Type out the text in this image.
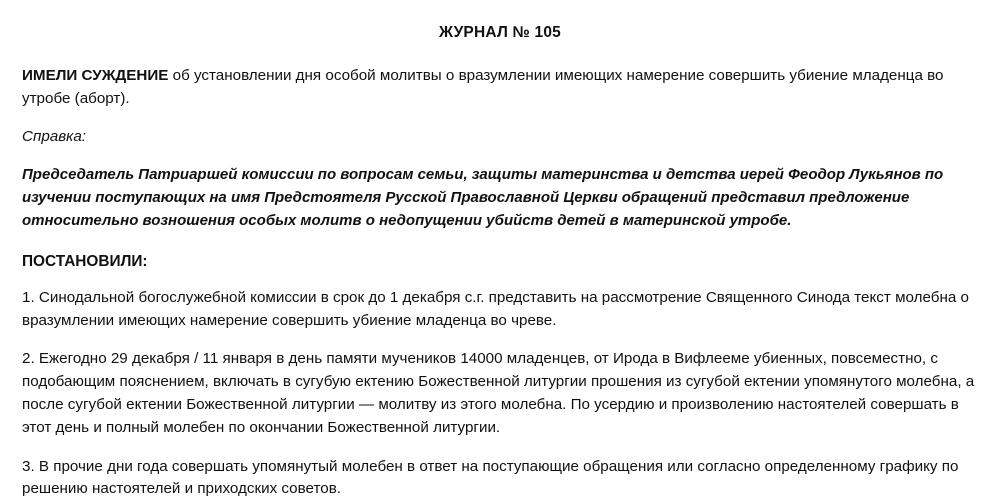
ЖУРНАЛ № 105

ИМЕЛИ СУЖДЕНИЕ об установлении дня особой молитвы о вразумлении имеющих намерение совершить убиение младенца во утробе (аборт).

Справка:

Председатель Патриаршей комиссии по вопросам семьи, защиты материнства и детства иерей Феодор Лукьянов по изучении поступающих на имя Предстоятеля Русской Православной Церкви обращений представил предложение относительно возношения особых молитв о недопущении убийств детей в материнской утробе.

ПОСТАНОВИЛИ:

1. Синодальной богослужебной комиссии в срок до 1 декабря с.г. представить на рассмотрение Священного Синода текст молебна о вразумлении имеющих намерение совершить убиение младенца во чреве.

2. Ежегодно 29 декабря / 11 января в день памяти мучеников 14000 младенцев, от Ирода в Вифлееме убиенных, повсеместно, с подобающим пояснением, включать в сугубую ектению Божественной литургии прошения из сугубой ектении упомянутого молебна, а после сугубой ектении Божественной литургии — молитву из этого молебна. По усердию и произволению настоятелей совершать в этот день и полный молебен по окончании Божественной литургии.

3. В прочие дни года совершать упомянутый молебен в ответ на поступающие обращения или согласно определенному графику по решению настоятелей и приходских советов.
